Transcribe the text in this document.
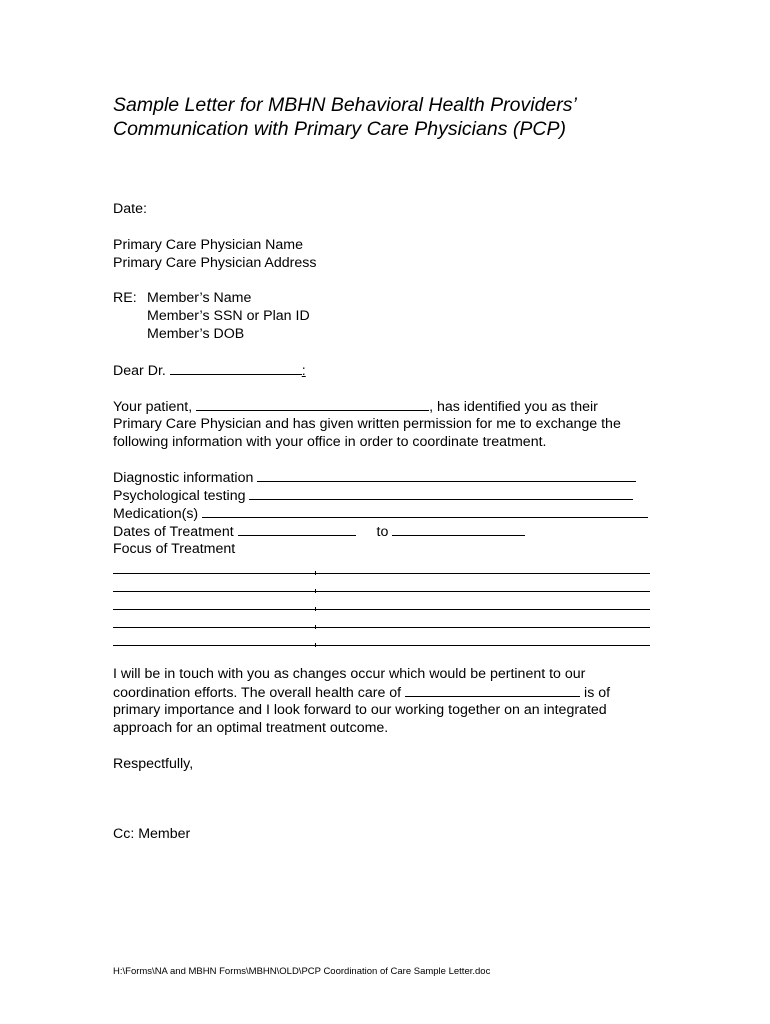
Sample Letter for MBHN Behavioral Health Providers’
Communication with Primary Care Physicians (PCP)
Date:
Primary Care Physician Name
Primary Care Physician Address
RE: Member’s Name
Member’s SSN or Plan ID
Member’s DOB
Dear Dr.	:
Your patient,	, has identified you as their
Primary Care Physician and has given written permission for me to exchange the
following information with your office in order to coordinate treatment.
Diagnostic information
Psychological testing
Medication(s)
Dates of Treatment	to
Focus of Treatment
I will be in touch with you as changes occur which would be pertinent to our
coordination efforts. The overall health care of	is of
primary importance and I look forward to our working together on an integrated
approach for an optimal treatment outcome.
Respectfully,
Cc: Member
H:\Forms\NA and MBHN Forms\MBHN\OLD\PCP Coordination of Care Sample Letter.doc
